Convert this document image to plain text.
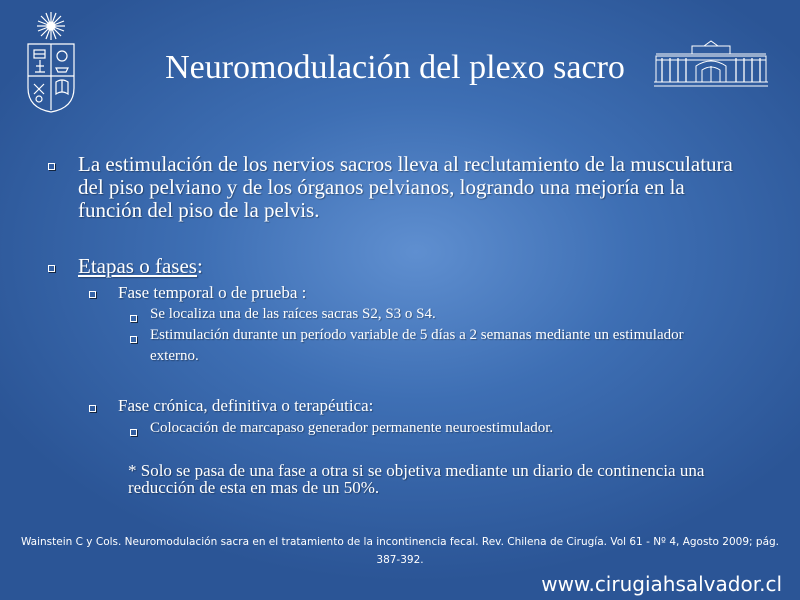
Neuromodulación del plexo sacro
La estimulación de los nervios sacros lleva al reclutamiento de la musculatura del piso pelviano y de los órganos pelvianos, logrando una mejoría en la función del piso de la pelvis.
Etapas o fases:
Fase temporal o de prueba :
Se localiza una de las raíces sacras S2, S3 o S4.
Estimulación durante un período variable de 5 días a 2 semanas mediante un estimulador externo.
Fase crónica, definitiva o terapéutica:
Colocación de marcapaso generador permanente neuroestimulador.
* Solo se pasa de una fase a otra si se objetiva mediante un diario de continencia una reducción de esta en mas de un 50%.
Wainstein C y Cols. Neuromodulación sacra en el tratamiento de la incontinencia fecal. Rev. Chilena de Cirugía. Vol 61 - Nº 4, Agosto 2009; pág. 387-392.
www.cirugiahsalvador.cl
